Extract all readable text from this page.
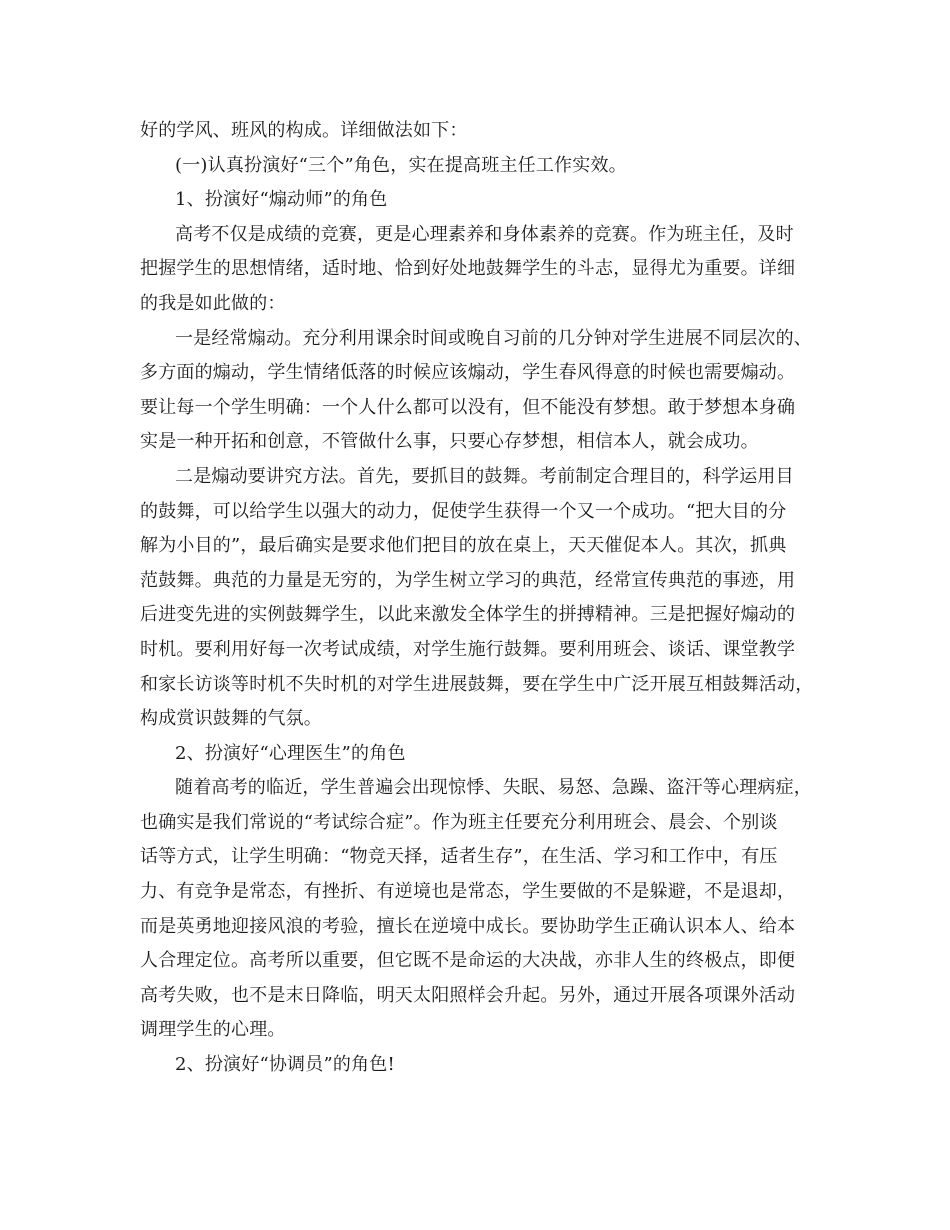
好的学风、班风的构成。详细做法如下：
(一)认真扮演好“三个”角色，实在提高班主任工作实效。
1、扮演好“煽动师”的角色
高考不仅是成绩的竞赛，更是心理素养和身体素养的竞赛。作为班主任，及时
把握学生的思想情绪，适时地、恰到好处地鼓舞学生的斗志，显得尤为重要。详细
的我是如此做的：
一是经常煽动。充分利用课余时间或晚自习前的几分钟对学生进展不同层次的、
多方面的煽动，学生情绪低落的时候应该煽动，学生春风得意的时候也需要煽动。
要让每一个学生明确：一个人什么都可以没有，但不能没有梦想。敢于梦想本身确
实是一种开拓和创意，不管做什么事，只要心存梦想，相信本人，就会成功。
二是煽动要讲究方法。首先，要抓目的鼓舞。考前制定合理目的，科学运用目
的鼓舞，可以给学生以强大的动力，促使学生获得一个又一个成功。“把大目的分
解为小目的”，最后确实是要求他们把目的放在桌上，天天催促本人。其次，抓典
范鼓舞。典范的力量是无穷的，为学生树立学习的典范，经常宣传典范的事迹，用
后进变先进的实例鼓舞学生，以此来激发全体学生的拼搏精神。三是把握好煽动的
时机。要利用好每一次考试成绩，对学生施行鼓舞。要利用班会、谈话、课堂教学
和家长访谈等时机不失时机的对学生进展鼓舞，要在学生中广泛开展互相鼓舞活动，
构成赏识鼓舞的气氛。
2、扮演好“心理医生”的角色
随着高考的临近，学生普遍会出现惊悸、失眠、易怒、急躁、盗汗等心理病症，
也确实是我们常说的“考试综合症”。作为班主任要充分利用班会、晨会、个别谈
话等方式，让学生明确：“物竞天择，适者生存”，在生活、学习和工作中，有压
力、有竞争是常态，有挫折、有逆境也是常态，学生要做的不是躲避，不是退却，
而是英勇地迎接风浪的考验，擅长在逆境中成长。要协助学生正确认识本人、给本
人合理定位。高考所以重要，但它既不是命运的大决战，亦非人生的终极点，即便
高考失败，也不是末日降临，明天太阳照样会升起。另外，通过开展各项课外活动
调理学生的心理。
2、扮演好“协调员”的角色!
